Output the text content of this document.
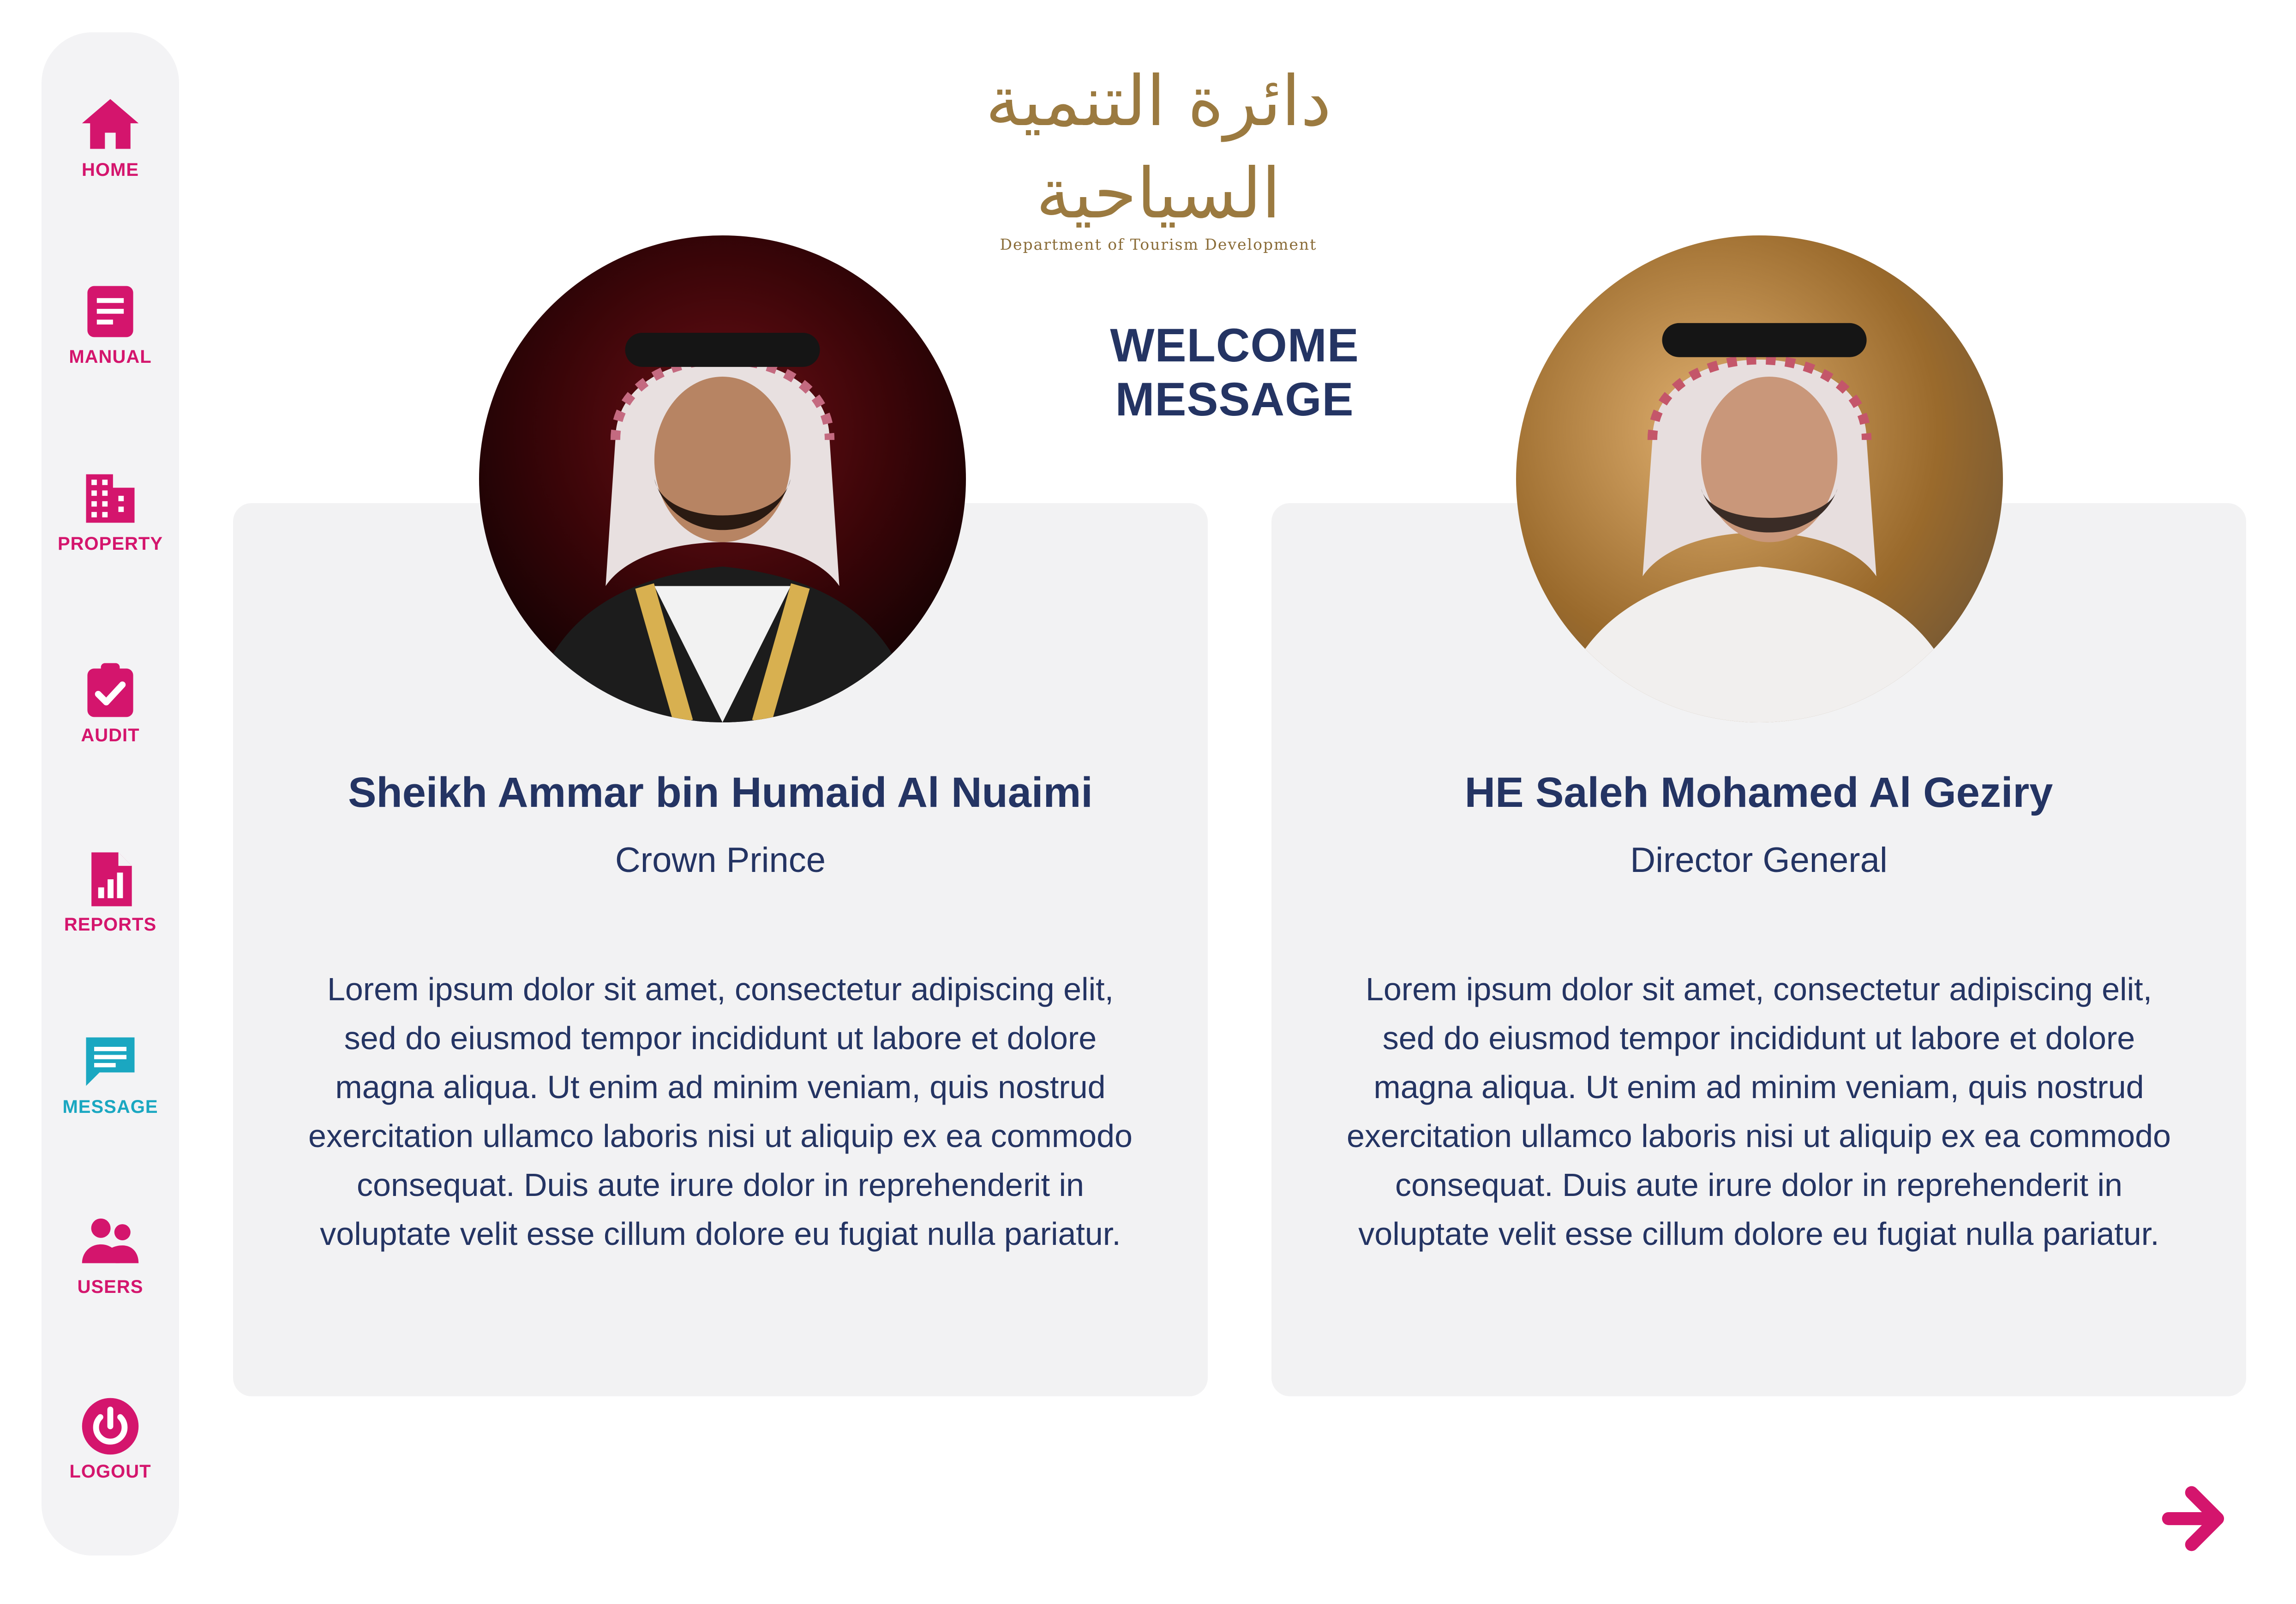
HOME
MANUAL
PROPERTY
AUDIT
REPORTS
MESSAGE
USERS
LOGOUT
دائرة التنمية السياحية
Department of Tourism Development
WELCOME MESSAGE
Sheikh Ammar bin Humaid Al Nuaimi
Crown Prince

Lorem ipsum dolor sit amet, consectetur adipiscing elit, sed do eiusmod tempor incididunt ut labore et dolore magna aliqua. Ut enim ad minim veniam, quis nostrud exercitation ullamco laboris nisi ut aliquip ex ea commodo consequat. Duis aute irure dolor in reprehenderit in voluptate velit esse cillum dolore eu fugiat nulla pariatur.

HE Saleh Mohamed Al Geziry
Director General

Lorem ipsum dolor sit amet, consectetur adipiscing elit, sed do eiusmod tempor incididunt ut labore et dolore magna aliqua. Ut enim ad minim veniam, quis nostrud exercitation ullamco laboris nisi ut aliquip ex ea commodo consequat. Duis aute irure dolor in reprehenderit in voluptate velit esse cillum dolore eu fugiat nulla pariatur.
